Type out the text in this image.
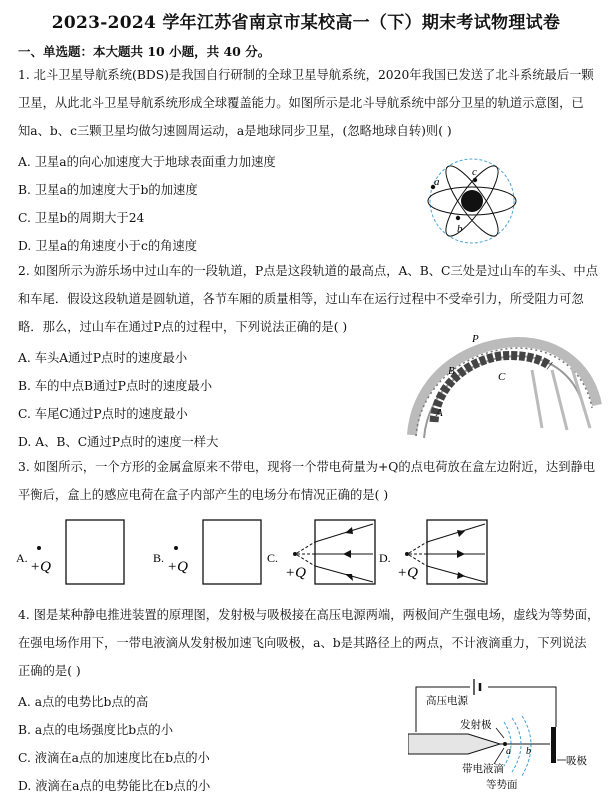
2023-2024 学年江苏省南京市某校高一（下）期末考试物理试卷
一、单选题：本大题共 10 小题，共 40 分。
1. 北斗卫星导航系统(BDS)是我国自行研制的全球卫星导航系统，2020年我国已发送了北斗系统最后一颗
卫星，从此北斗卫星导航系统形成全球覆盖能力。如图所示是北斗导航系统中部分卫星的轨道示意图，已
知a、b、c三颗卫星均做匀速圆周运动，a是地球同步卫星，(忽略地球自转)则( )
A. 卫星a的向心加速度大于地球表面重力加速度
B. 卫星a的加速度大于b的加速度
C. 卫星b的周期大于24
D. 卫星a的角速度小于c的角速度
a
c
b
2. 如图所示为游乐场中过山车的一段轨道，P点是这段轨道的最高点，A、B、C三处是过山车的车头、中点
和车尾．假设这段轨道是圆轨道，各节车厢的质量相等，过山车在运行过程中不受牵引力，所受阻力可忽
略．那么，过山车在通过P点的过程中，下列说法正确的是( )
A. 车头A通过P点时的速度最小
B. 车的中点B通过P点时的速度最小
C. 车尾C通过P点时的速度最小
D. A、B、C通过P点时的速度一样大
P
B	C
A
3. 如图所示，一个方形的金属盒原来不带电，现将一个带电荷量为+Q的点电荷放在盒左边附近，达到静电
平衡后，盒上的感应电荷在盒子内部产生的电场分布情况正确的是( )
A.
+Q
B.
+Q
C.
+Q
D.
+Q
4. 图是某种静电推进装置的原理图，发射极与吸极接在高压电源两端，两极间产生强电场，虚线为等势面，
在强电场作用下，一带电液滴从发射极加速飞向吸极，a、b是其路径上的两点，不计液滴重力，下列说法
正确的是( )
A. a点的电势比b点的高
B. a点的电场强度比b点的小
C. 液滴在a点的加速度比在b点的小
D. 液滴在a点的电势能比在b点的小
高压电源
a b
发射极
带电液滴
等势面
吸极
